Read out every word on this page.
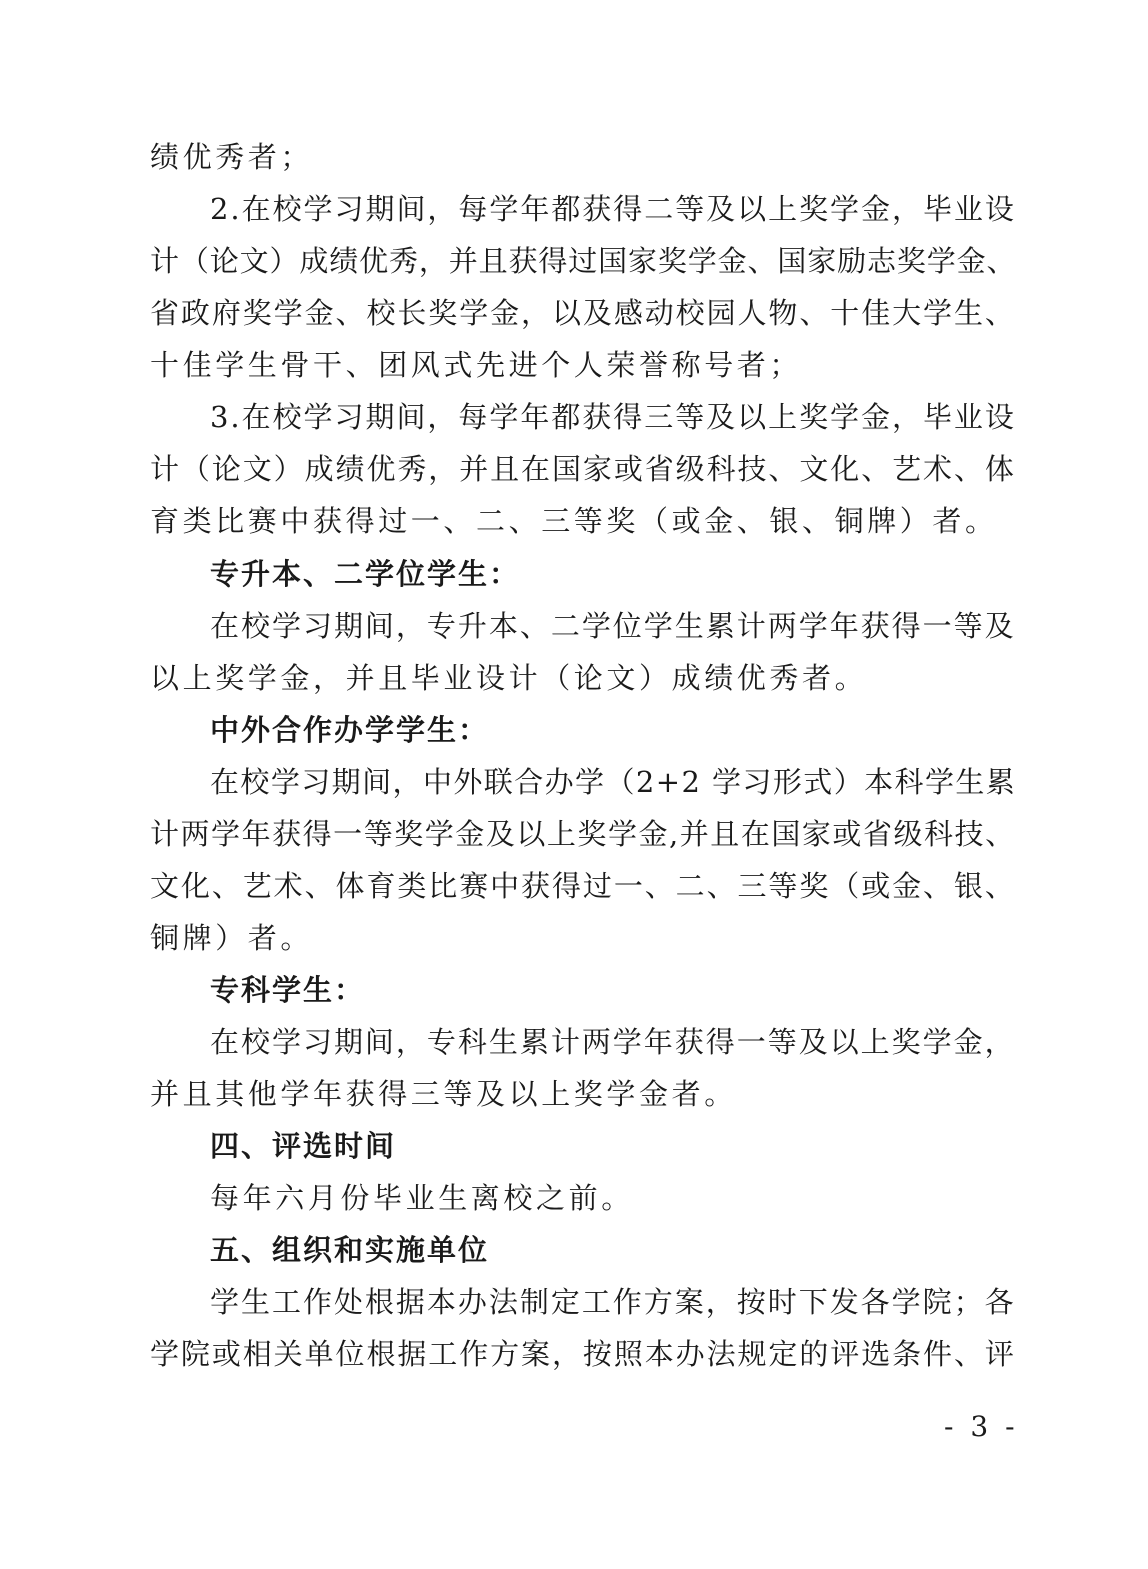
绩优秀者；
2.在校学习期间，每学年都获得二等及以上奖学金，毕业设
计（论文）成绩优秀，并且获得过国家奖学金、国家励志奖学金、
省政府奖学金、校长奖学金，以及感动校园人物、十佳大学生、
十佳学生骨干、团风式先进个人荣誉称号者；
3.在校学习期间，每学年都获得三等及以上奖学金，毕业设
计（论文）成绩优秀，并且在国家或省级科技、文化、艺术、体
育类比赛中获得过一、二、三等奖（或金、银、铜牌）者。
专升本、二学位学生：
在校学习期间，专升本、二学位学生累计两学年获得一等及
以上奖学金，并且毕业设计（论文）成绩优秀者。
中外合作办学学生：
在校学习期间，中外联合办学（2+2 学习形式）本科学生累
计两学年获得一等奖学金及以上奖学金,并且在国家或省级科技、
文化、艺术、体育类比赛中获得过一、二、三等奖（或金、银、
铜牌）者。
专科学生：
在校学习期间，专科生累计两学年获得一等及以上奖学金，
并且其他学年获得三等及以上奖学金者。
四、评选时间
每年六月份毕业生离校之前。
五、组织和实施单位
学生工作处根据本办法制定工作方案，按时下发各学院；各
学院或相关单位根据工作方案，按照本办法规定的评选条件、评
- 3 -
